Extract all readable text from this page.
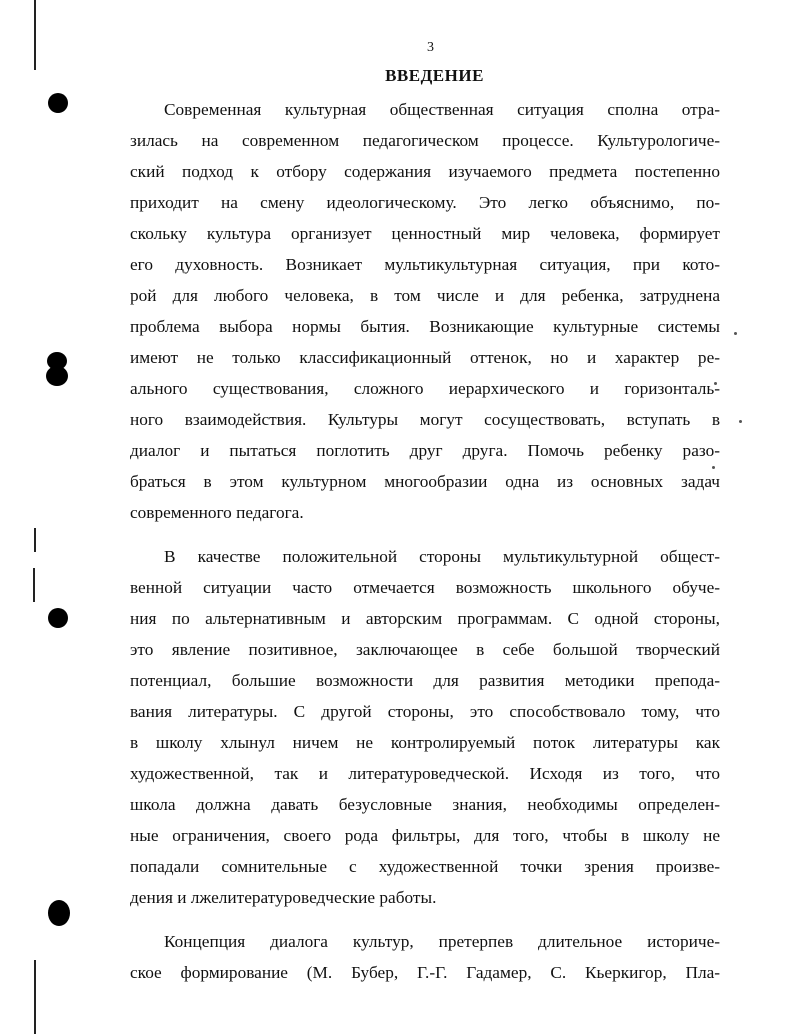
3
ВВЕДЕНИЕ

Современная культурная общественная ситуация сполна отра-
зилась на современном педагогическом процессе. Культурологиче-
ский подход к отбору содержания изучаемого предмета постепенно
приходит на смену идеологическому. Это легко объяснимо, по-
скольку культура организует ценностный мир человека, формирует
его духовность. Возникает мультикультурная ситуация, при кото-
рой для любого человека, в том числе и для ребенка, затруднена
проблема выбора нормы бытия. Возникающие культурные системы
имеют не только классификационный оттенок, но и характер ре-
ального существования, сложного иерархического и горизонталь-
ного взаимодействия. Культуры могут сосуществовать, вступать в
диалог и пытаться поглотить друг друга. Помочь ребенку разо-
браться в этом культурном многообразии одна из основных задач
современного педагога.

В качестве положительной стороны мультикультурной общест-
венной ситуации часто отмечается возможность школьного обуче-
ния по альтернативным и авторским программам. С одной стороны,
это явление позитивное, заключающее в себе большой творческий
потенциал, большие возможности для развития методики препода-
вания литературы. С другой стороны, это способствовало тому, что
в школу хлынул ничем не контролируемый поток литературы как
художественной, так и литературоведческой. Исходя из того, что
школа должна давать безусловные знания, необходимы определен-
ные ограничения, своего рода фильтры, для того, чтобы в школу не
попадали сомнительные с художественной точки зрения произве-
дения и лжелитературоведческие работы.

Концепция диалога культур, претерпев длительное историче-
ское формирование (М. Бубер, Г.-Г. Гадамер, С. Кьеркигор, Пла-
